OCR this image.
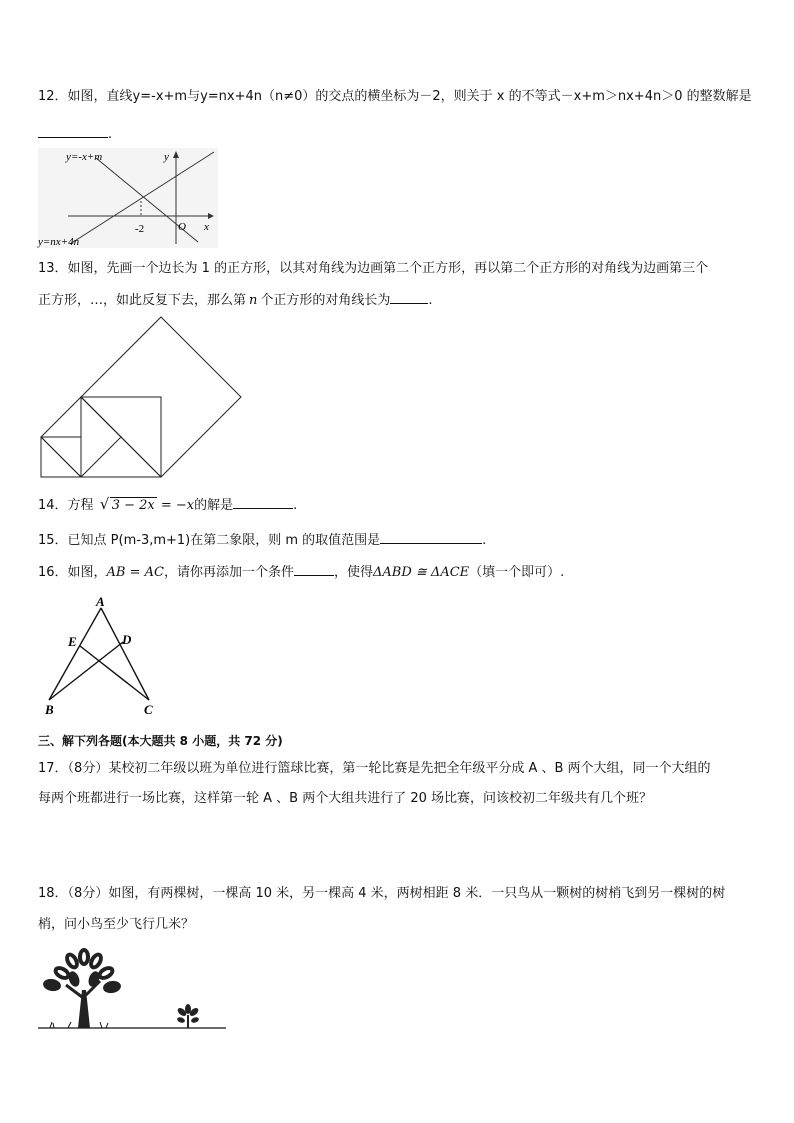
12．如图，直线y=-x+m与y=nx+4n（n≠0）的交点的横坐标为－2，则关于 x 的不等式－x+m＞nx+4n＞0 的整数解是
.
y=-x+m
y=nx+4n
y
x
O
-2
13．如图，先画一个边长为 1 的正方形，以其对角线为边画第二个正方形，再以第二个正方形的对角线为边画第三个
正方形，…，如此反复下去，那么第 n 个正方形的对角线长为	.
14．方程 √ 3 − 2x = −x的解是	.
15．已知点 P(m-3,m+1)在第二象限，则 m 的取值范围是	.
16．如图，AB = AC，请你再添加一个条件	，使得ΔABD ≅ ΔACE（填一个即可）.
A
E	D
B	C
三、解下列各题(本大题共 8 小题，共 72 分)
17．（8分）某校初二年级以班为单位进行篮球比赛，第一轮比赛是先把全年级平分成 A 、B 两个大组，同一个大组的
每两个班都进行一场比赛，这样第一轮 A 、B 两个大组共进行了 20 场比赛，问该校初二年级共有几个班？
18．（8分）如图，有两棵树，一棵高 10 米，另一棵高 4 米，两树相距 8 米．一只鸟从一颗树的树梢飞到另一棵树的树
梢，问小鸟至少飞行几米？
